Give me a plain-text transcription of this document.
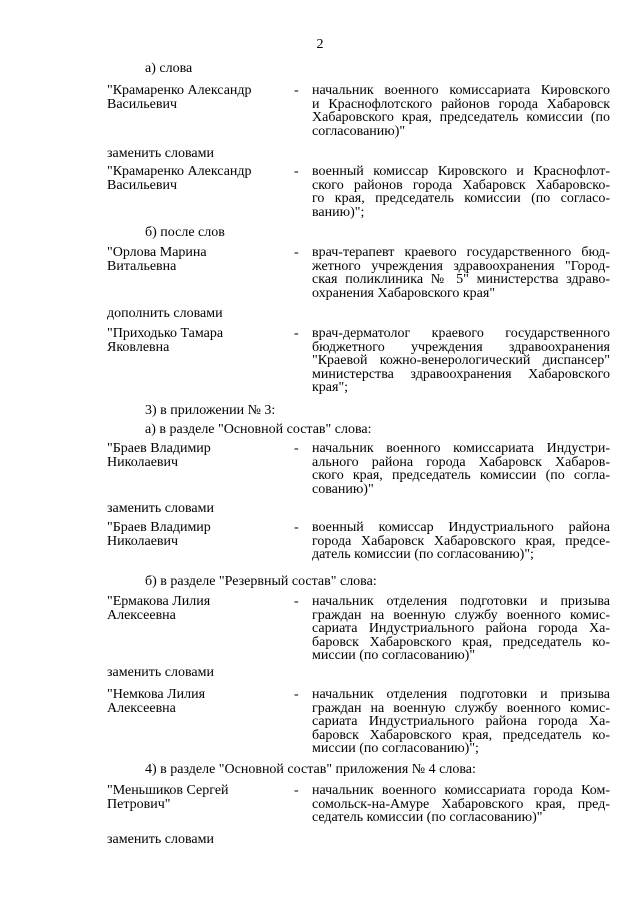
2
а) слова
"Крамаренко Александр
Васильевич
- начальник военного комиссариата Кировского
и Краснофлотского районов города Хабаровск
Хабаровского края, председатель комиссии (по
согласованию)"
заменить словами
"Крамаренко Александр
Васильевич
- военный комиссар Кировского и Краснофлот-
ского районов города Хабаровск Хабаровско-
го края, председатель комиссии (по согласо-
ванию)";
б) после слов
"Орлова Марина
Витальевна
- врач-терапевт краевого государственного бюд-
жетного учреждения здравоохранения "Город-
ская поликлиника № 5" министерства здраво-
охранения Хабаровского края"
дополнить словами
"Приходько Тамара
Яковлевна
- врач-дерматолог краевого государственного
бюджетного учреждения здравоохранения
"Краевой кожно-венерологический диспансер"
министерства здравоохранения Хабаровского
края";
3) в приложении № 3:
а) в разделе "Основной состав" слова:
"Браев Владимир
Николаевич
- начальник военного комиссариата Индустри-
ального района города Хабаровск Хабаров-
ского края, председатель комиссии (по согла-
сованию)"
заменить словами
"Браев Владимир
Николаевич
- военный комиссар Индустриального района
города Хабаровск Хабаровского края, предсе-
датель комиссии (по согласованию)";
б) в разделе "Резервный состав" слова:
"Ермакова Лилия
Алексеевна
- начальник отделения подготовки и призыва
граждан на военную службу военного комис-
сариата Индустриального района города Ха-
баровск Хабаровского края, председатель ко-
миссии (по согласованию)"
заменить словами
"Немкова Лилия
Алексеевна
- начальник отделения подготовки и призыва
граждан на военную службу военного комис-
сариата Индустриального района города Ха-
баровск Хабаровского края, председатель ко-
миссии (по согласованию)";
4) в разделе "Основной состав" приложения № 4 слова:
"Меньшиков Сергей
Петрович"
- начальник военного комиссариата города Ком-
сомольск-на-Амуре Хабаровского края, пред-
седатель комиссии (по согласованию)"
заменить словами
